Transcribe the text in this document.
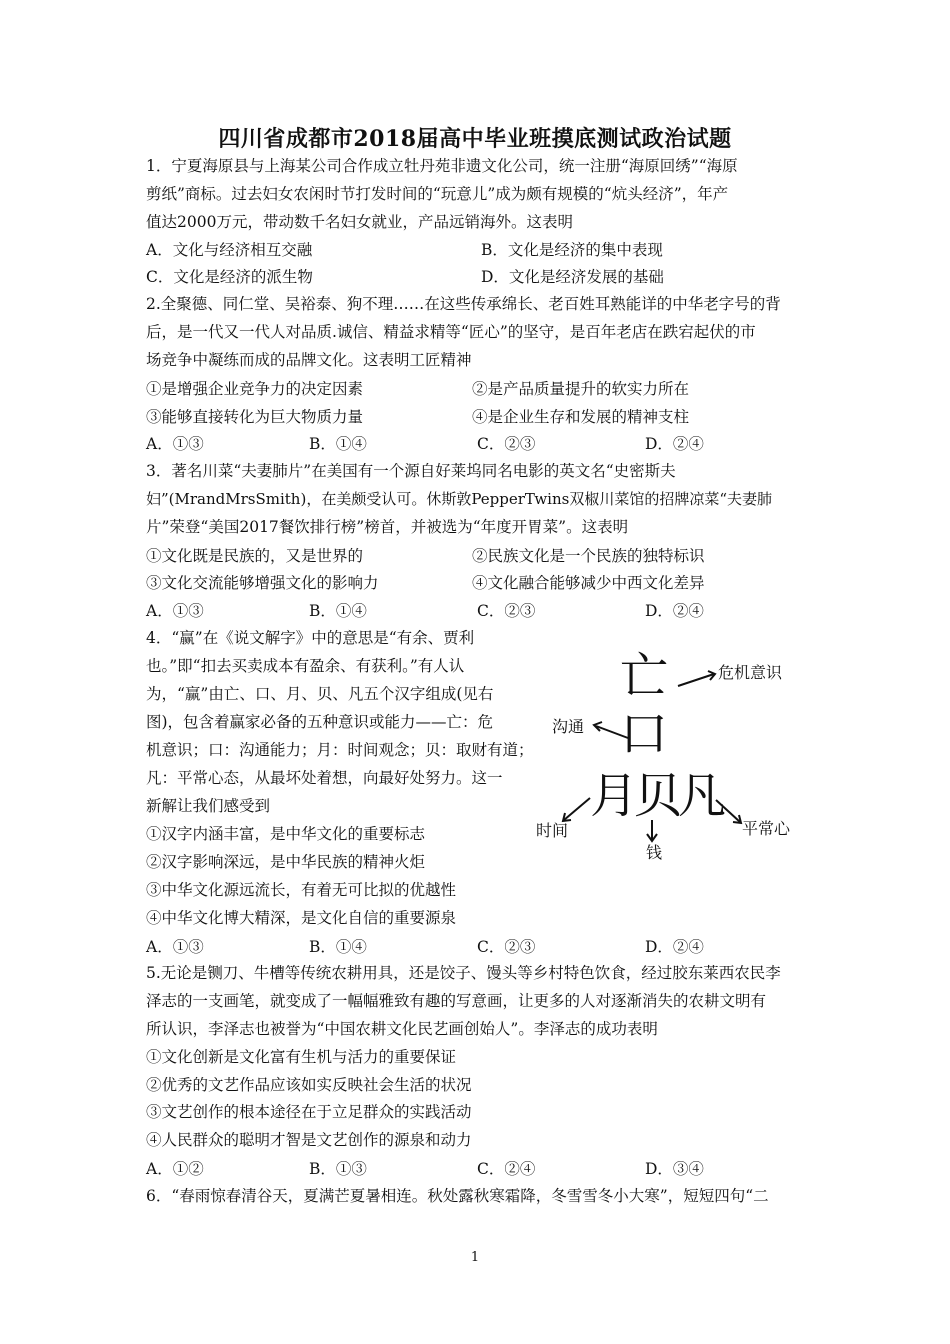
四川省成都市2018届高中毕业班摸底测试政治试题
1．宁夏海原县与上海某公司合作成立牡丹苑非遗文化公司，统一注册“海原回绣”“海原
剪纸”商标。过去妇女农闲时节打发时间的“玩意儿”成为颇有规模的“炕头经济”，年产
值达2000万元，带动数千名妇女就业，产品远销海外。这表明
A．文化与经济相互交融	B．文化是经济的集中表现
C．文化是经济的派生物	D．文化是经济发展的基础
2.全聚德、同仁堂、吴裕泰、狗不理……在这些传承绵长、老百姓耳熟能详的中华老字号的背
后，是一代又一代人对品质.诚信、精益求精等“匠心”的坚守，是百年老店在跌宕起伏的市
场竞争中凝练而成的品牌文化。这表明工匠精神
①是增强企业竞争力的决定因素	②是产品质量提升的软实力所在
③能够直接转化为巨大物质力量	④是企业生存和发展的精神支柱
A．①③	B．①④	C．②③	D．②④
3．著名川菜“夫妻肺片”在美国有一个源自好莱坞同名电影的英文名“史密斯夫
妇”(MrandMrsSmith)，在美颇受认可。休斯敦PepperTwins双椒川菜馆的招牌凉菜“夫妻肺
片”荣登“美国2017餐饮排行榜”榜首，并被选为“年度开胃菜”。这表明
①文化既是民族的，又是世界的	②民族文化是一个民族的独特标识
③文化交流能够增强文化的影响力	④文化融合能够减少中西文化差异
A．①③	B．①④	C．②③	D．②④
4．“赢”在《说文解字》中的意思是“有余、贾利
也。”即“扣去买卖成本有盈余、有获利。”有人认
为，“赢”由亡、口、月、贝、凡五个汉字组成(见右
图)，包含着赢家必备的五种意识或能力——亡：危
机意识；口：沟通能力；月：时间观念；贝：取财有道；
凡：平常心态，从最坏处着想，向最好处努力。这一
新解让我们感受到
①汉字内涵丰富，是中华文化的重要标志
②汉字影响深远，是中华民族的精神火炬
③中华文化源远流长，有着无可比拟的优越性
④中华文化博大精深，是文化自信的重要源泉
A．①③	B．①④	C．②③	D．②④
亡
口
月
贝
凡
危机意识
沟通
时间
钱
平常心
5.无论是铡刀、牛槽等传统农耕用具，还是饺子、馒头等乡村特色饮食，经过胶东莱西农民李
泽志的一支画笔，就变成了一幅幅雅致有趣的写意画，让更多的人对逐渐消失的农耕文明有
所认识，李泽志也被誉为“中国农耕文化民艺画创始人”。李泽志的成功表明
①文化创新是文化富有生机与活力的重要保证
②优秀的文艺作品应该如实反映社会生活的状况
③文艺创作的根本途径在于立足群众的实践活动
④人民群众的聪明才智是文艺创作的源泉和动力
A．①②	B．①③	C．②④	D．③④
6．“春雨惊春清谷天，夏满芒夏暑相连。秋处露秋寒霜降，冬雪雪冬小大寒”，短短四句“二
1
